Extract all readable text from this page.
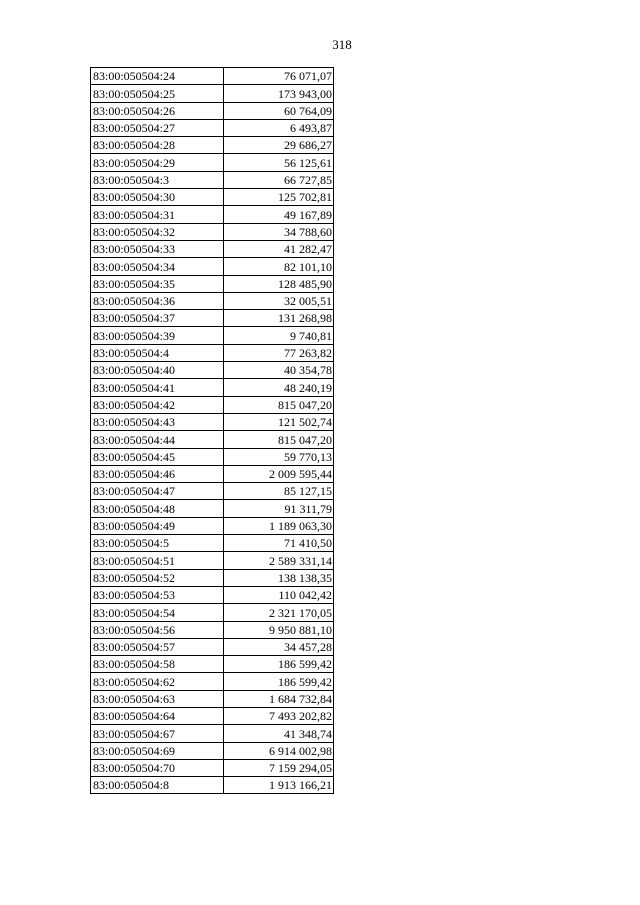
318
83:00:050504:24	76 071,07
83:00:050504:25	173 943,00
83:00:050504:26	60 764,09
83:00:050504:27	6 493,87
83:00:050504:28	29 686,27
83:00:050504:29	56 125,61
83:00:050504:3	66 727,85
83:00:050504:30	125 702,81
83:00:050504:31	49 167,89
83:00:050504:32	34 788,60
83:00:050504:33	41 282,47
83:00:050504:34	82 101,10
83:00:050504:35	128 485,90
83:00:050504:36	32 005,51
83:00:050504:37	131 268,98
83:00:050504:39	9 740,81
83:00:050504:4	77 263,82
83:00:050504:40	40 354,78
83:00:050504:41	48 240,19
83:00:050504:42	815 047,20
83:00:050504:43	121 502,74
83:00:050504:44	815 047,20
83:00:050504:45	59 770,13
83:00:050504:46	2 009 595,44
83:00:050504:47	85 127,15
83:00:050504:48	91 311,79
83:00:050504:49	1 189 063,30
83:00:050504:5	71 410,50
83:00:050504:51	2 589 331,14
83:00:050504:52	138 138,35
83:00:050504:53	110 042,42
83:00:050504:54	2 321 170,05
83:00:050504:56	9 950 881,10
83:00:050504:57	34 457,28
83:00:050504:58	186 599,42
83:00:050504:62	186 599,42
83:00:050504:63	1 684 732,84
83:00:050504:64	7 493 202,82
83:00:050504:67	41 348,74
83:00:050504:69	6 914 002,98
83:00:050504:70	7 159 294,05
83:00:050504:8	1 913 166,21
